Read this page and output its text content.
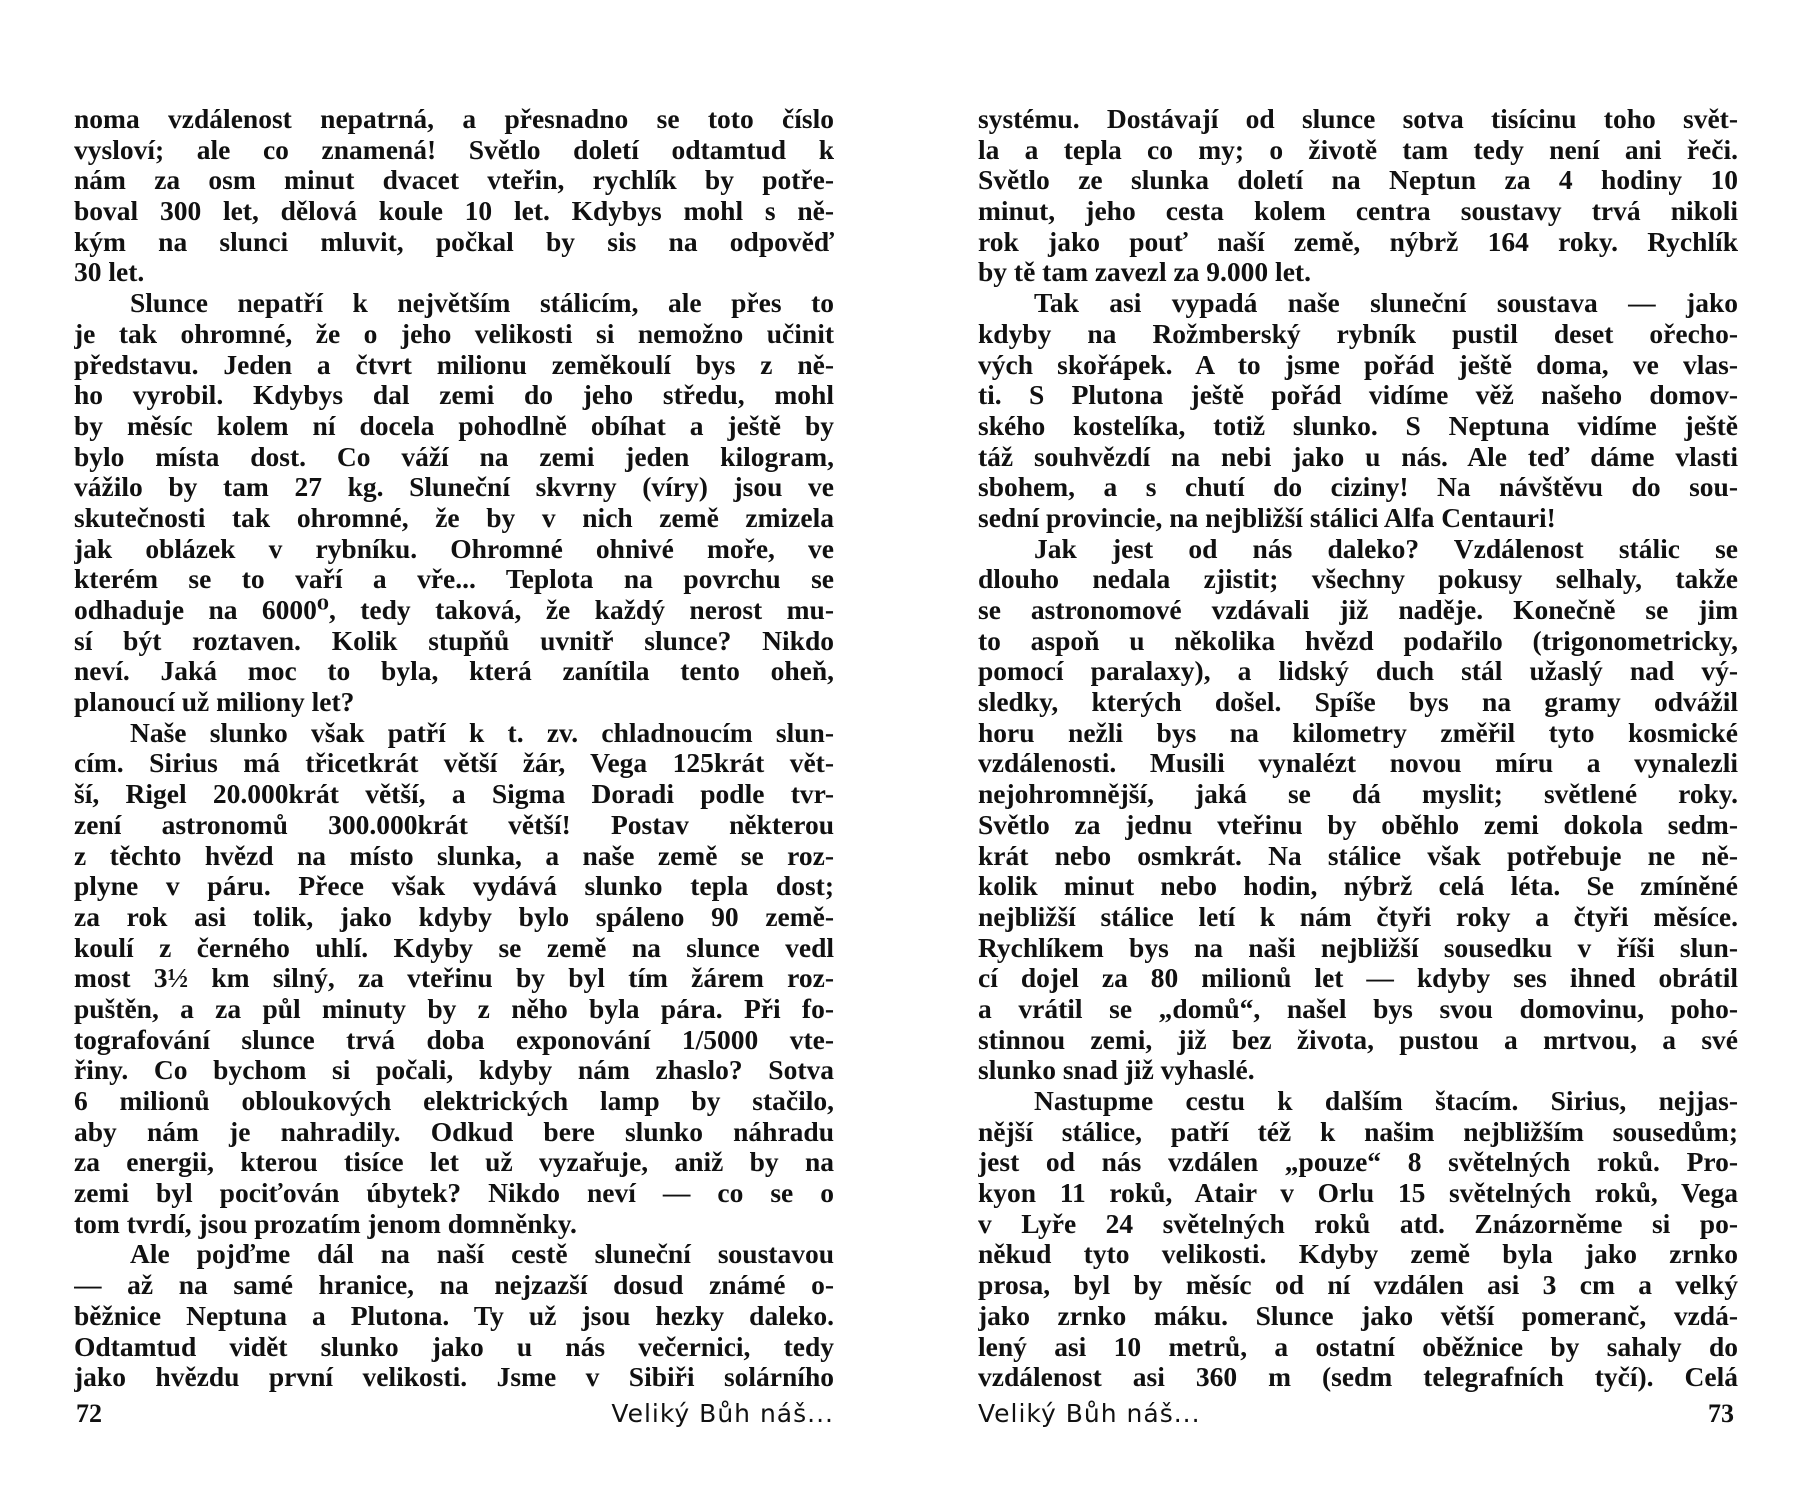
noma vzdálenost nepatrná, a přesnadno se toto číslo
vysloví; ale co znamená! Světlo doletí odtamtud k
nám za osm minut dvacet vteřin, rychlík by potře-
boval 300 let, dělová koule 10 let. Kdybys mohl s ně-
kým na slunci mluvit, počkal by sis na odpověď
30 let.
Slunce nepatří k největším stálicím, ale přes to
je tak ohromné, že o jeho velikosti si nemožno učinit
představu. Jeden a čtvrt milionu zeměkoulí bys z ně-
ho vyrobil. Kdybys dal zemi do jeho středu, mohl
by měsíc kolem ní docela pohodlně obíhat a ještě by
bylo místa dost. Co váží na zemi jeden kilogram,
vážilo by tam 27 kg. Sluneční skvrny (víry) jsou ve
skutečnosti tak ohromné, že by v nich země zmizela
jak oblázek v rybníku. Ohromné ohnivé moře, ve
kterém se to vaří a vře... Teplota na povrchu se
odhaduje na 6000⁰, tedy taková, že každý nerost mu-
sí být roztaven. Kolik stupňů uvnitř slunce? Nikdo
neví. Jaká moc to byla, která zanítila tento oheň,
planoucí už miliony let?
Naše slunko však patří k t. zv. chladnoucím slun-
cím. Sirius má třicetkrát větší žár, Vega 125krát vět-
ší, Rigel 20.000krát větší, a Sigma Doradi podle tvr-
zení astronomů 300.000krát větší! Postav některou
z těchto hvězd na místo slunka, a naše země se roz-
plyne v páru. Přece však vydává slunko tepla dost;
za rok asi tolik, jako kdyby bylo spáleno 90 země-
koulí z černého uhlí. Kdyby se země na slunce vedl
most 3½ km silný, za vteřinu by byl tím žárem roz-
puštěn, a za půl minuty by z něho byla pára. Při fo-
tografování slunce trvá doba exponování 1/5000 vte-
řiny. Co bychom si počali, kdyby nám zhaslo? Sotva
6 milionů obloukových elektrických lamp by stačilo,
aby nám je nahradily. Odkud bere slunko náhradu
za energii, kterou tisíce let už vyzařuje, aniž by na
zemi byl pociťován úbytek? Nikdo neví — co se o
tom tvrdí, jsou prozatím jenom domněnky.
Ale pojďme dál na naší cestě sluneční soustavou
— až na samé hranice, na nejzazší dosud známé o-
běžnice Neptuna a Plutona. Ty už jsou hezky daleko.
Odtamtud vidět slunko jako u nás večernici, tedy
jako hvězdu první velikosti. Jsme v Sibiři solárního
72	Veliký Bůh náš...
systému. Dostávají od slunce sotva tisícinu toho svět-
la a tepla co my; o životě tam tedy není ani řeči.
Světlo ze slunka doletí na Neptun za 4 hodiny 10
minut, jeho cesta kolem centra soustavy trvá nikoli
rok jako pouť naší země, nýbrž 164 roky. Rychlík
by tě tam zavezl za 9.000 let.
Tak asi vypadá naše sluneční soustava — jako
kdyby na Rožmberský rybník pustil deset ořecho-
vých skořápek. A to jsme pořád ještě doma, ve vlas-
ti. S Plutona ještě pořád vidíme věž našeho domov-
ského kostelíka, totiž slunko. S Neptuna vidíme ještě
táž souhvězdí na nebi jako u nás. Ale teď dáme vlasti
sbohem, a s chutí do ciziny! Na návštěvu do sou-
sední provincie, na nejbližší stálici Alfa Centauri!
Jak jest od nás daleko? Vzdálenost stálic se
dlouho nedala zjistit; všechny pokusy selhaly, takže
se astronomové vzdávali již naděje. Konečně se jim
to aspoň u několika hvězd podařilo (trigonometricky,
pomocí paralaxy), a lidský duch stál užaslý nad vý-
sledky, kterých došel. Spíše bys na gramy odvážil
horu nežli bys na kilometry změřil tyto kosmické
vzdálenosti. Musili vynalézt novou míru a vynalezli
nejohromnější, jaká se dá myslit; světlené roky.
Světlo za jednu vteřinu by oběhlo zemi dokola sedm-
krát nebo osmkrát. Na stálice však potřebuje ne ně-
kolik minut nebo hodin, nýbrž celá léta. Se zmíněné
nejbližší stálice letí k nám čtyři roky a čtyři měsíce.
Rychlíkem bys na naši nejbližší sousedku v říši slun-
cí dojel za 80 milionů let — kdyby ses ihned obrátil
a vrátil se „domů“, našel bys svou domovinu, poho-
stinnou zemi, již bez života, pustou a mrtvou, a své
slunko snad již vyhaslé.
Nastupme cestu k dalším štacím. Sirius, nejjas-
nější stálice, patří též k našim nejbližším sousedům;
jest od nás vzdálen „pouze“ 8 světelných roků. Pro-
kyon 11 roků, Atair v Orlu 15 světelných roků, Vega
v Lyře 24 světelných roků atd. Znázorněme si po-
někud tyto velikosti. Kdyby země byla jako zrnko
prosa, byl by měsíc od ní vzdálen asi 3 cm a velký
jako zrnko máku. Slunce jako větší pomeranč, vzdá-
lený asi 10 metrů, a ostatní oběžnice by sahaly do
vzdálenost asi 360 m (sedm telegrafních tyčí). Celá
Veliký Bůh náš...	73
